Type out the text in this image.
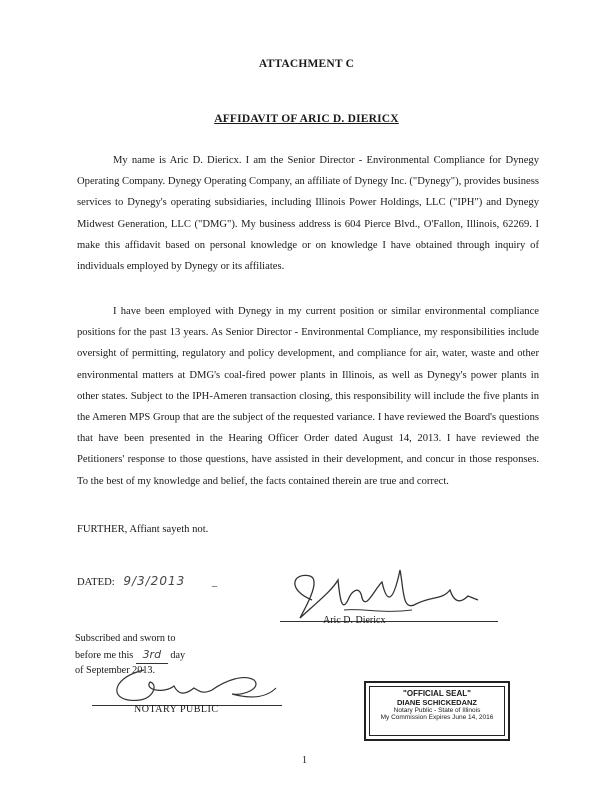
ATTACHMENT C
AFFIDAVIT OF ARIC D. DIERICX

My name is Aric D. Diericx. I am the Senior Director - Environmental Compliance for Dynegy Operating Company. Dynegy Operating Company, an affiliate of Dynegy Inc. ("Dynegy"), provides business services to Dynegy's operating subsidiaries, including Illinois Power Holdings, LLC ("IPH") and Dynegy Midwest Generation, LLC ("DMG"). My business address is 604 Pierce Blvd., O'Fallon, Illinois, 62269. I make this affidavit based on personal knowledge or on knowledge I have obtained through inquiry of individuals employed by Dynegy or its affiliates.

I have been employed with Dynegy in my current position or similar environmental compliance positions for the past 13 years. As Senior Director - Environmental Compliance, my responsibilities include oversight of permitting, regulatory and policy development, and compliance for air, water, waste and other environmental matters at DMG's coal-fired power plants in Illinois, as well as Dynegy's power plants in other states. Subject to the IPH-Ameren transaction closing, this responsibility will include the five plants in the Ameren MPS Group that are the subject of the requested variance. I have reviewed the Board's questions that have been presented in the Hearing Officer Order dated August 14, 2013. I have reviewed the Petitioners' response to those questions, have assisted in their development, and concur in those responses. To the best of my knowledge and belief, the facts contained therein are true and correct.

FURTHER, Affiant sayeth not.
DATED: 9/3/2013	_
Aric D. Diericx
Subscribed and sworn to
before me this 3rd day
of September 2013.
NOTARY PUBLIC
"OFFICIAL SEAL"
DIANE SCHICKEDANZ
Notary Public - State of Illinois
My Commission Expires June 14, 2016
1
